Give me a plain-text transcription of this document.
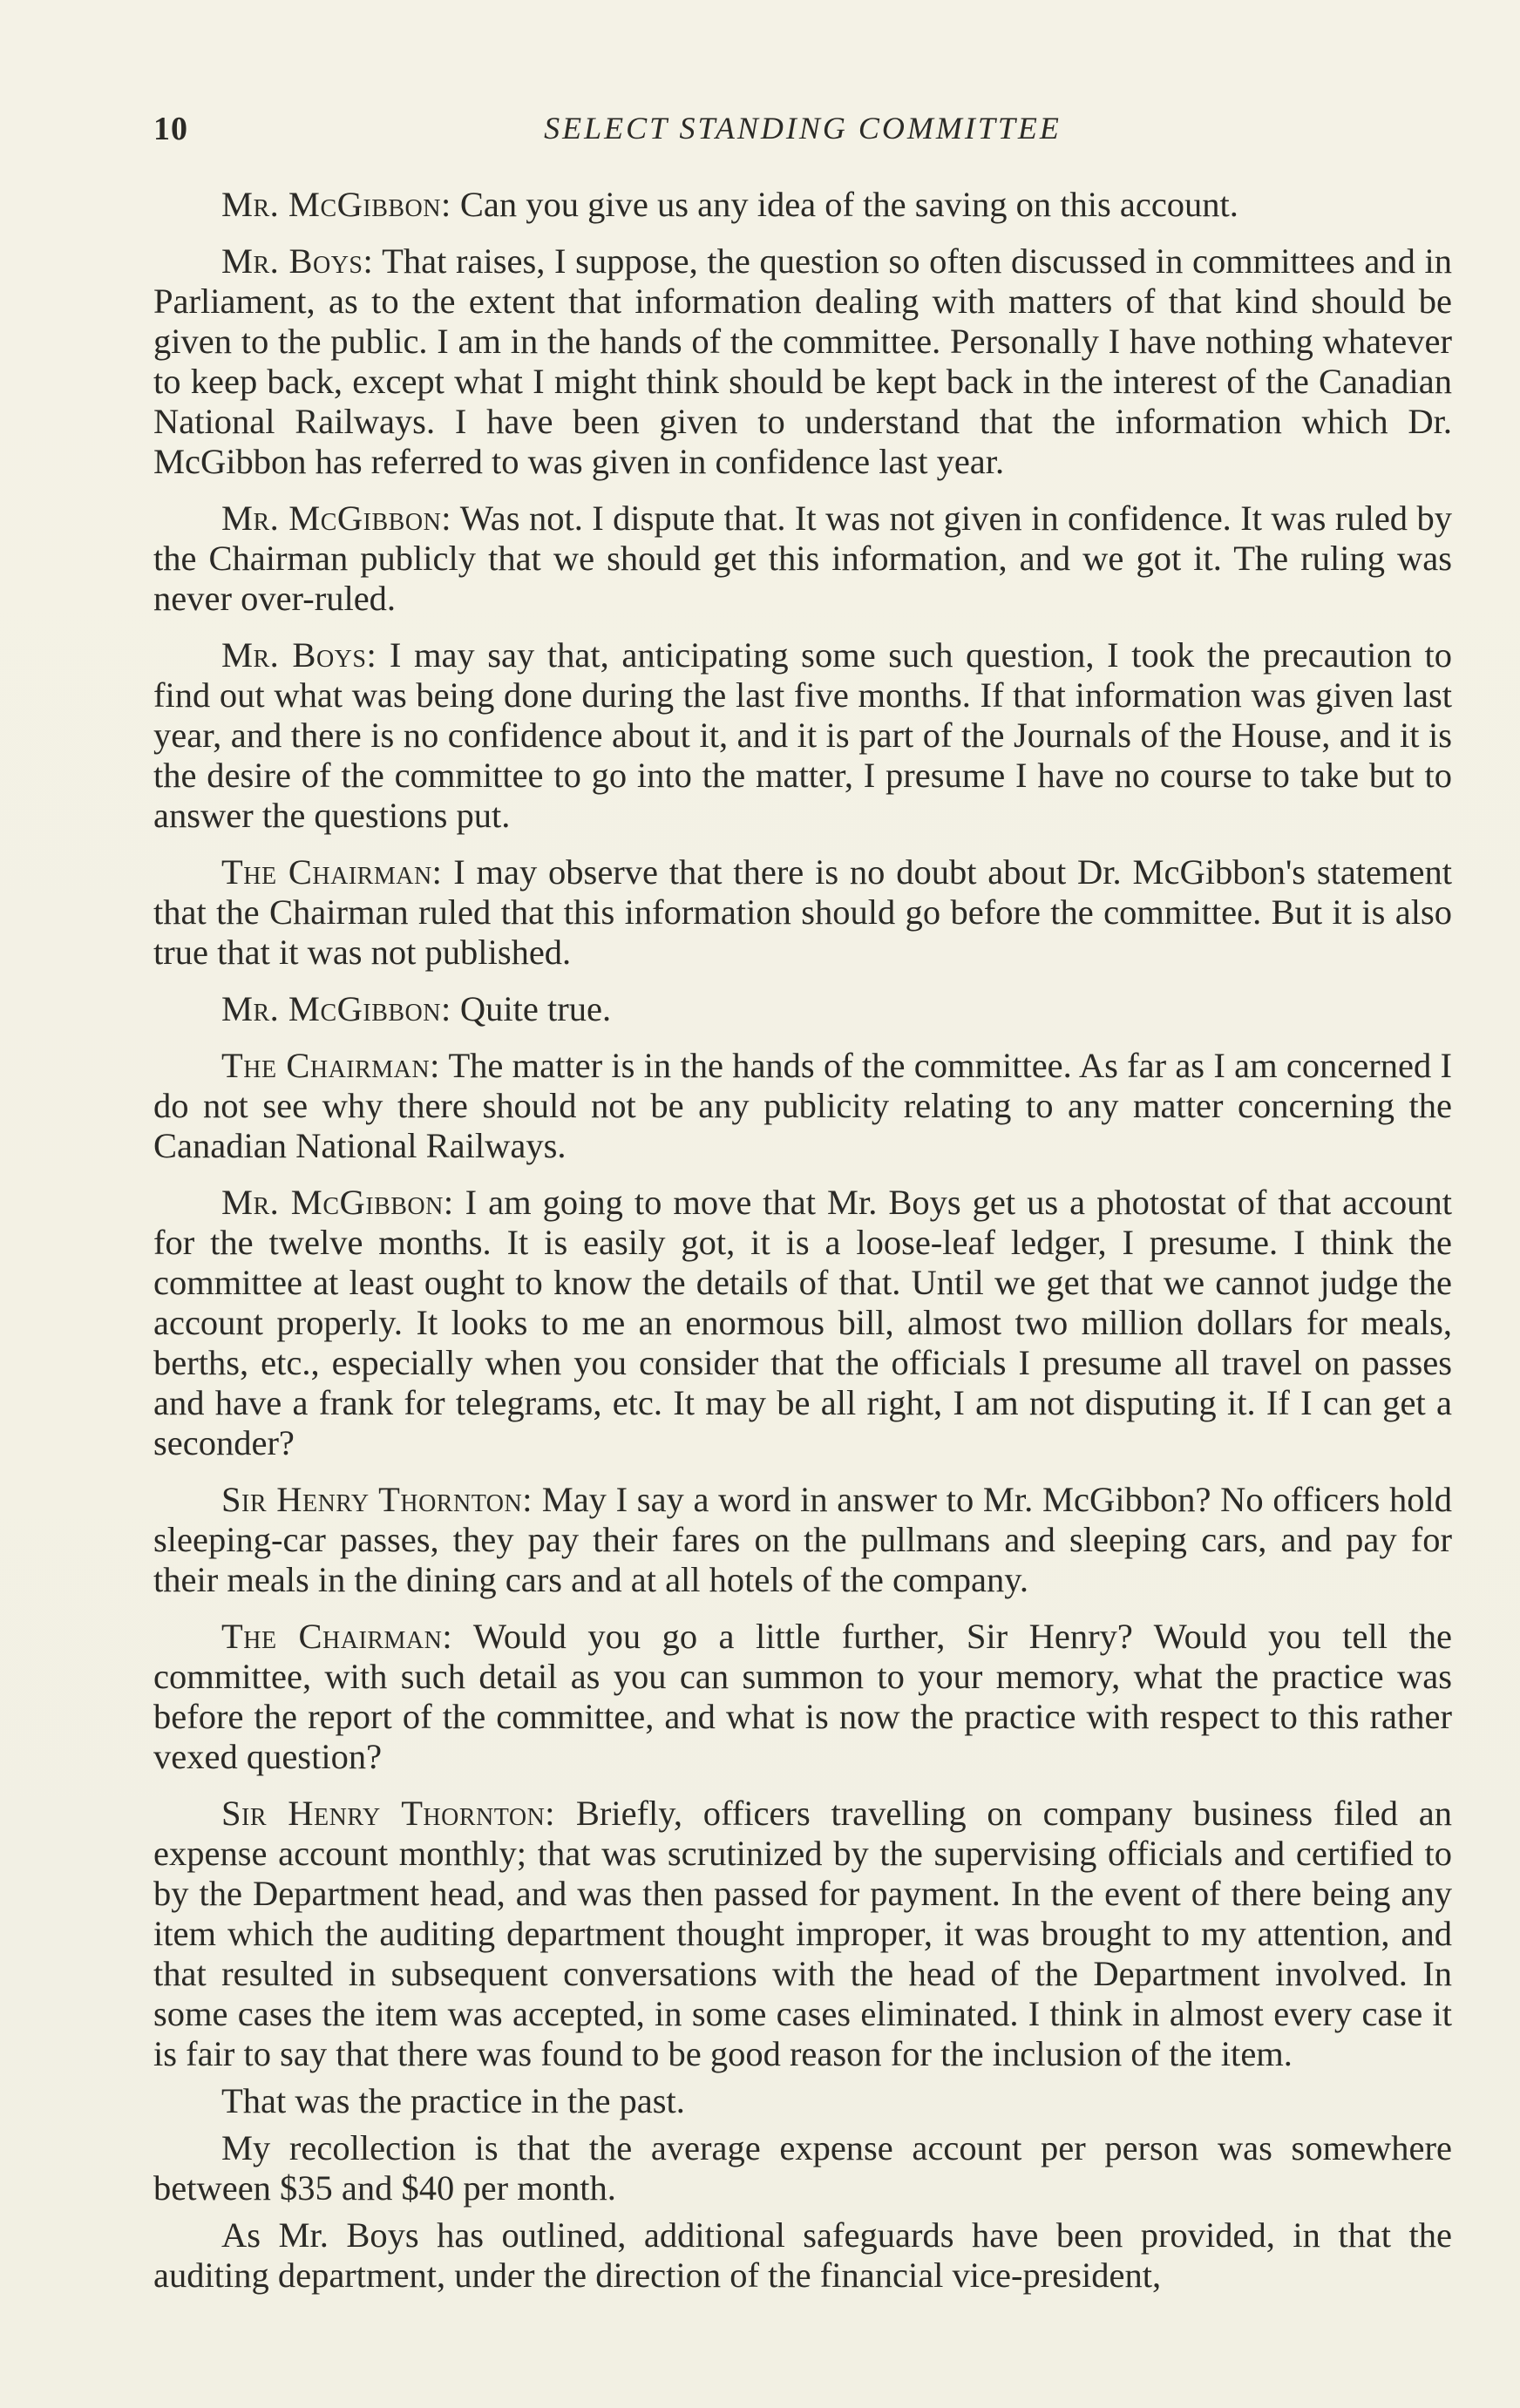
10	SELECT STANDING COMMITTEE

Mr. McGibbon: Can you give us any idea of the saving on this account.

Mr. Boys: That raises, I suppose, the question so often discussed in committees and in Parliament, as to the extent that information dealing with matters of that kind should be given to the public. I am in the hands of the committee. Personally I have nothing whatever to keep back, except what I might think should be kept back in the interest of the Canadian National Railways. I have been given to understand that the information which Dr. McGibbon has referred to was given in confidence last year.

Mr. McGibbon: Was not. I dispute that. It was not given in confidence. It was ruled by the Chairman publicly that we should get this information, and we got it. The ruling was never over-ruled.

Mr. Boys: I may say that, anticipating some such question, I took the precaution to find out what was being done during the last five months. If that information was given last year, and there is no confidence about it, and it is part of the Journals of the House, and it is the desire of the committee to go into the matter, I presume I have no course to take but to answer the questions put.

The Chairman: I may observe that there is no doubt about Dr. McGibbon's statement that the Chairman ruled that this information should go before the committee. But it is also true that it was not published.

Mr. McGibbon: Quite true.

The Chairman: The matter is in the hands of the committee. As far as I am concerned I do not see why there should not be any publicity relating to any matter concerning the Canadian National Railways.

Mr. McGibbon: I am going to move that Mr. Boys get us a photostat of that account for the twelve months. It is easily got, it is a loose-leaf ledger, I presume. I think the committee at least ought to know the details of that. Until we get that we cannot judge the account properly. It looks to me an enormous bill, almost two million dollars for meals, berths, etc., especially when you consider that the officials I presume all travel on passes and have a frank for telegrams, etc. It may be all right, I am not disputing it. If I can get a seconder?

Sir Henry Thornton: May I say a word in answer to Mr. McGibbon? No officers hold sleeping-car passes, they pay their fares on the pullmans and sleeping cars, and pay for their meals in the dining cars and at all hotels of the company.

The Chairman: Would you go a little further, Sir Henry? Would you tell the committee, with such detail as you can summon to your memory, what the practice was before the report of the committee, and what is now the practice with respect to this rather vexed question?

Sir Henry Thornton: Briefly, officers travelling on company business filed an expense account monthly; that was scrutinized by the supervising officials and certified to by the Department head, and was then passed for payment. In the event of there being any item which the auditing department thought improper, it was brought to my attention, and that resulted in subsequent conversations with the head of the Department involved. In some cases the item was accepted, in some cases eliminated. I think in almost every case it is fair to say that there was found to be good reason for the inclusion of the item.

That was the practice in the past.

My recollection is that the average expense account per person was somewhere between $35 and $40 per month.

As Mr. Boys has outlined, additional safeguards have been provided, in that the auditing department, under the direction of the financial vice-president,
